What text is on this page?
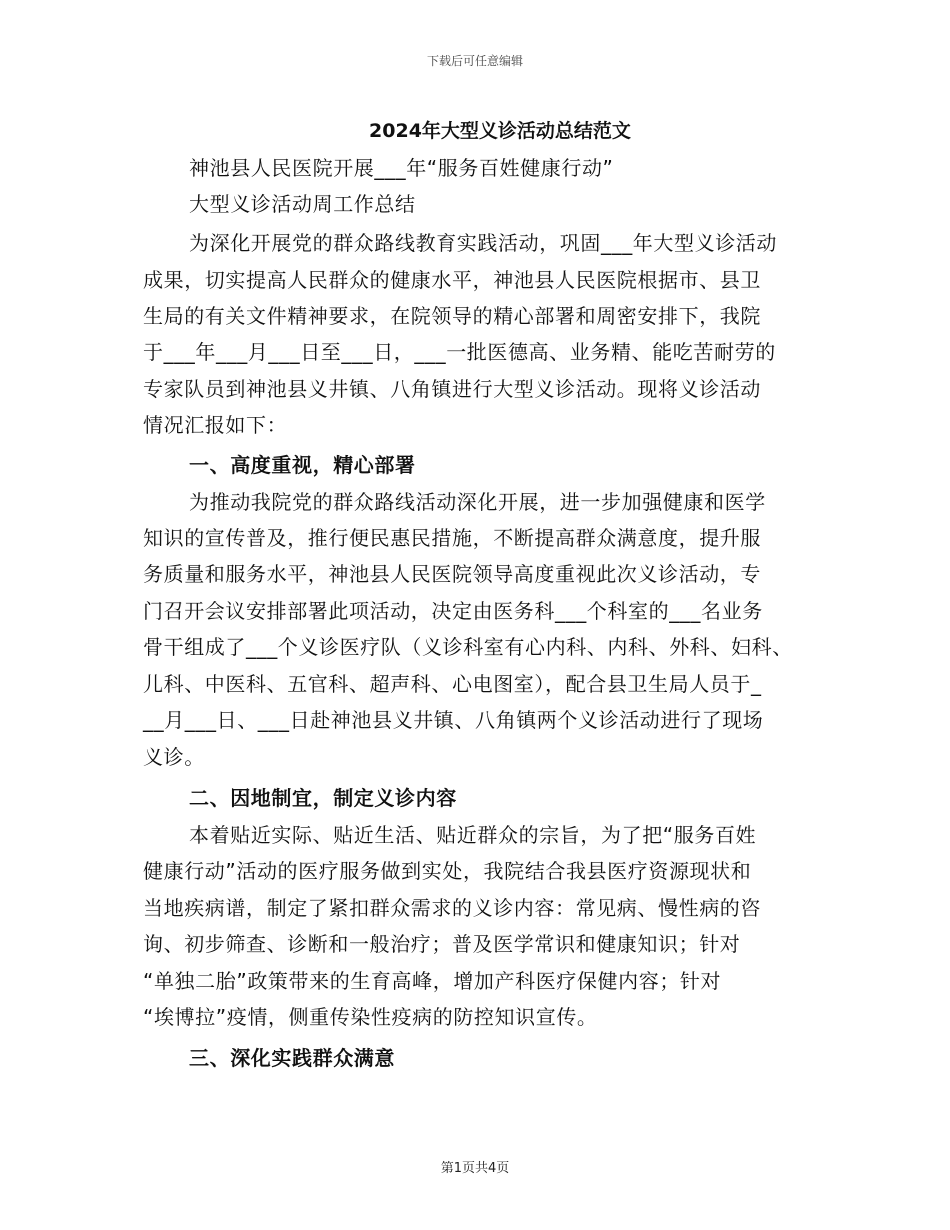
下载后可任意编辑
2024年大型义诊活动总结范文
神池县人民医院开展___年“服务百姓健康行动”
大型义诊活动周工作总结
为深化开展党的群众路线教育实践活动，巩固___年大型义诊活动
成果，切实提高人民群众的健康水平，神池县人民医院根据市、县卫
生局的有关文件精神要求，在院领导的精心部署和周密安排下，我院
于___年___月___日至___日，___一批医德高、业务精、能吃苦耐劳的
专家队员到神池县义井镇、八角镇进行大型义诊活动。现将义诊活动
情况汇报如下：
一、高度重视，精心部署
为推动我院党的群众路线活动深化开展，进一步加强健康和医学
知识的宣传普及，推行便民惠民措施，不断提高群众满意度，提升服
务质量和服务水平，神池县人民医院领导高度重视此次义诊活动，专
门召开会议安排部署此项活动，决定由医务科___个科室的___名业务
骨干组成了___个义诊医疗队（义诊科室有心内科、内科、外科、妇科、
儿科、中医科、五官科、超声科、心电图室），配合县卫生局人员于_
__月___日、___日赴神池县义井镇、八角镇两个义诊活动进行了现场
义诊。
二、因地制宜，制定义诊内容
本着贴近实际、贴近生活、贴近群众的宗旨，为了把“服务百姓
健康行动”活动的医疗服务做到实处，我院结合我县医疗资源现状和
当地疾病谱，制定了紧扣群众需求的义诊内容：常见病、慢性病的咨
询、初步筛查、诊断和一般治疗；普及医学常识和健康知识；针对
“单独二胎”政策带来的生育高峰，增加产科医疗保健内容；针对
“埃博拉”疫情，侧重传染性疫病的防控知识宣传。
三、深化实践群众满意
第1页共4页
